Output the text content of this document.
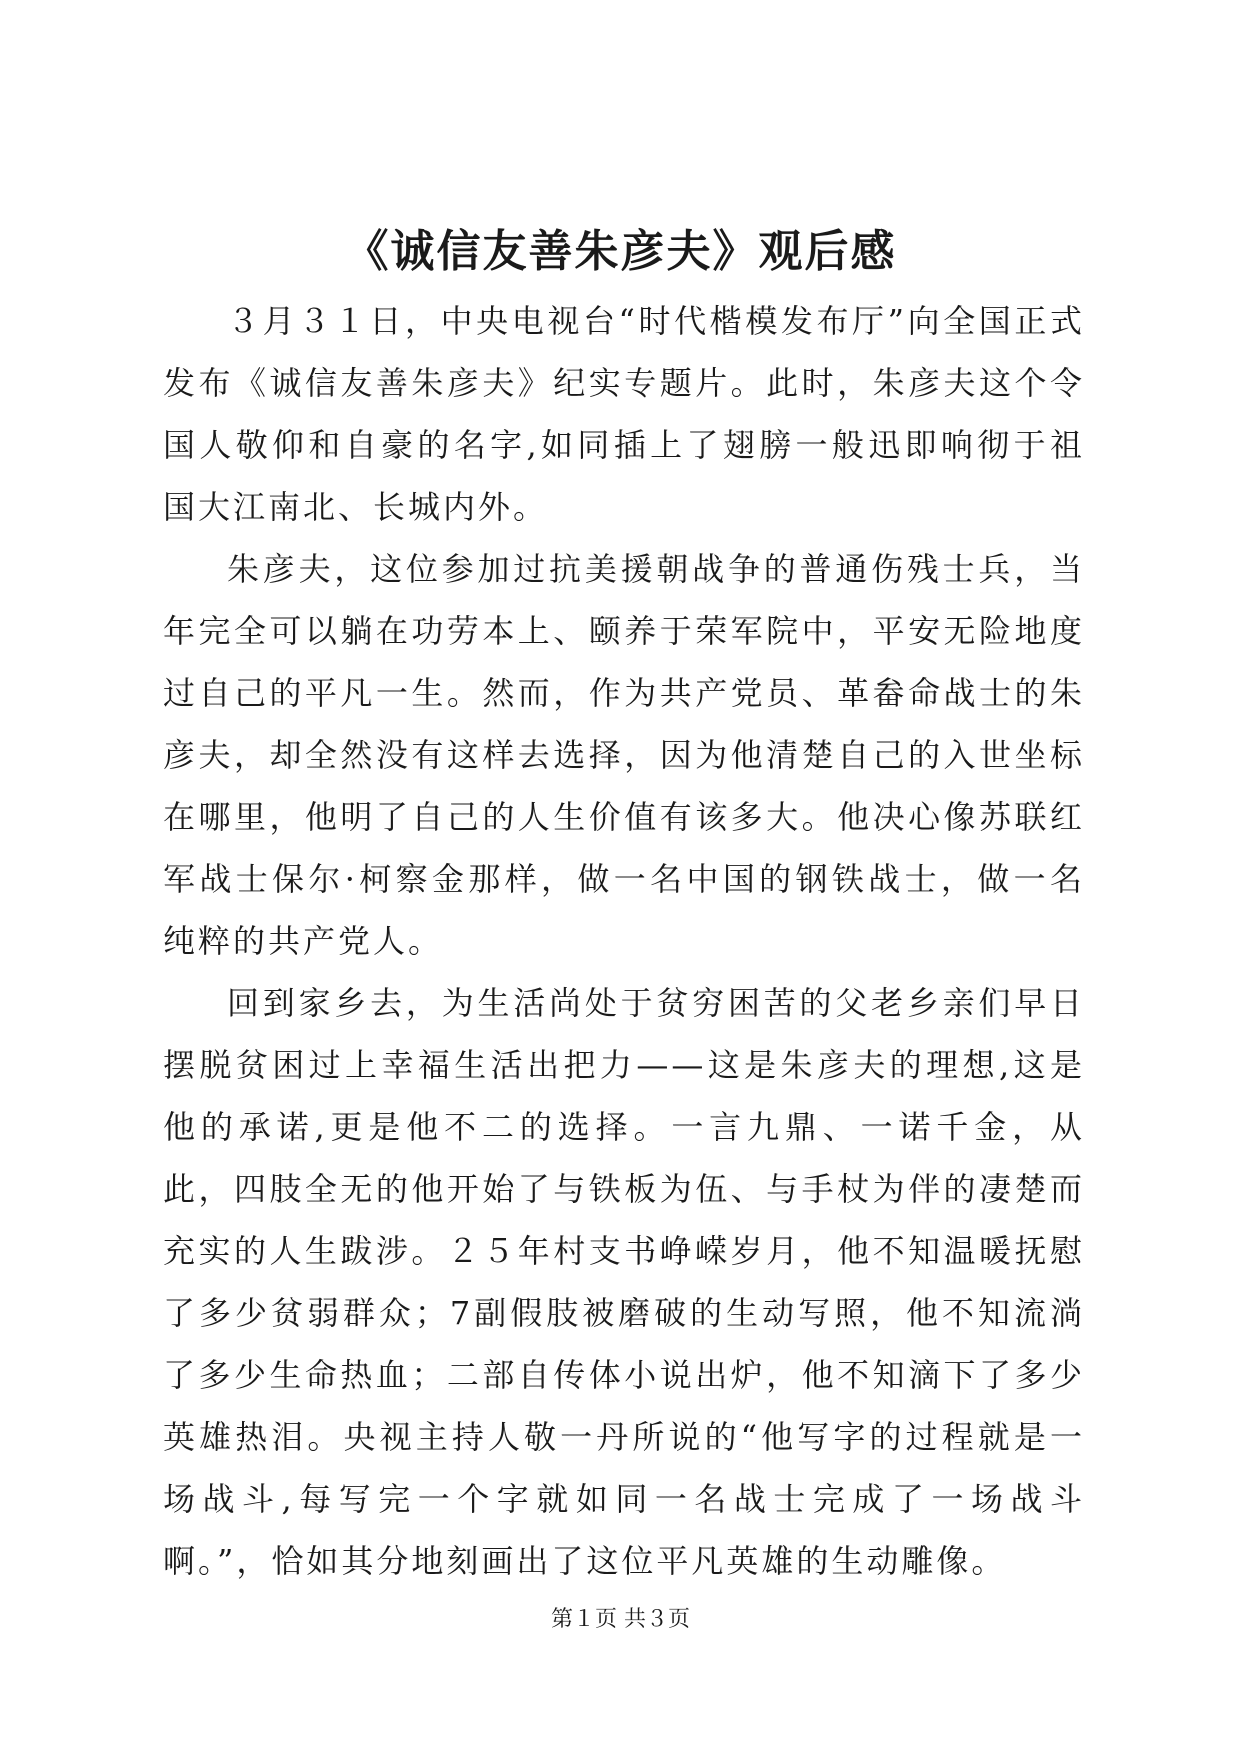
《诚信友善朱彦夫》观后感

３月３１日，中央电视台“时代楷模发布厅”向全国正式发布《诚信友善朱彦夫》纪实专题片。此时，朱彦夫这个令国人敬仰和自豪的名字,如同插上了翅膀一般迅即响彻于祖国大江南北、长城内外。

朱彦夫，这位参加过抗美援朝战争的普通伤残士兵，当年完全可以躺在功劳本上、颐养于荣军院中，平安无险地度过自己的平凡一生。然而，作为共产党员、革畚命战士的朱彦夫，却全然没有这样去选择，因为他清楚自己的入世坐标在哪里，他明了自己的人生价值有该多大。他决心像苏联红军战士保尔·柯察金那样，做一名中国的钢铁战士，做一名纯粹的共产党人。

回到家乡去，为生活尚处于贫穷困苦的父老乡亲们早日摆脱贫困过上幸福生活出把力——这是朱彦夫的理想,这是他的承诺,更是他不二的选择。一言九鼎、一诺千金，从此，四肢全无的他开始了与铁板为伍、与手杖为伴的凄楚而充实的人生跋涉。２５年村支书峥嵘岁月，他不知温暖抚慰了多少贫弱群众；7副假肢被磨破的生动写照，他不知流淌了多少生命热血；二部自传体小说出炉，他不知滴下了多少英雄热泪。央视主持人敬一丹所说的“他写字的过程就是一场战斗,每写完一个字就如同一名战士完成了一场战斗啊。”，恰如其分地刻画出了这位平凡英雄的生动雕像。

第１页 共３页
